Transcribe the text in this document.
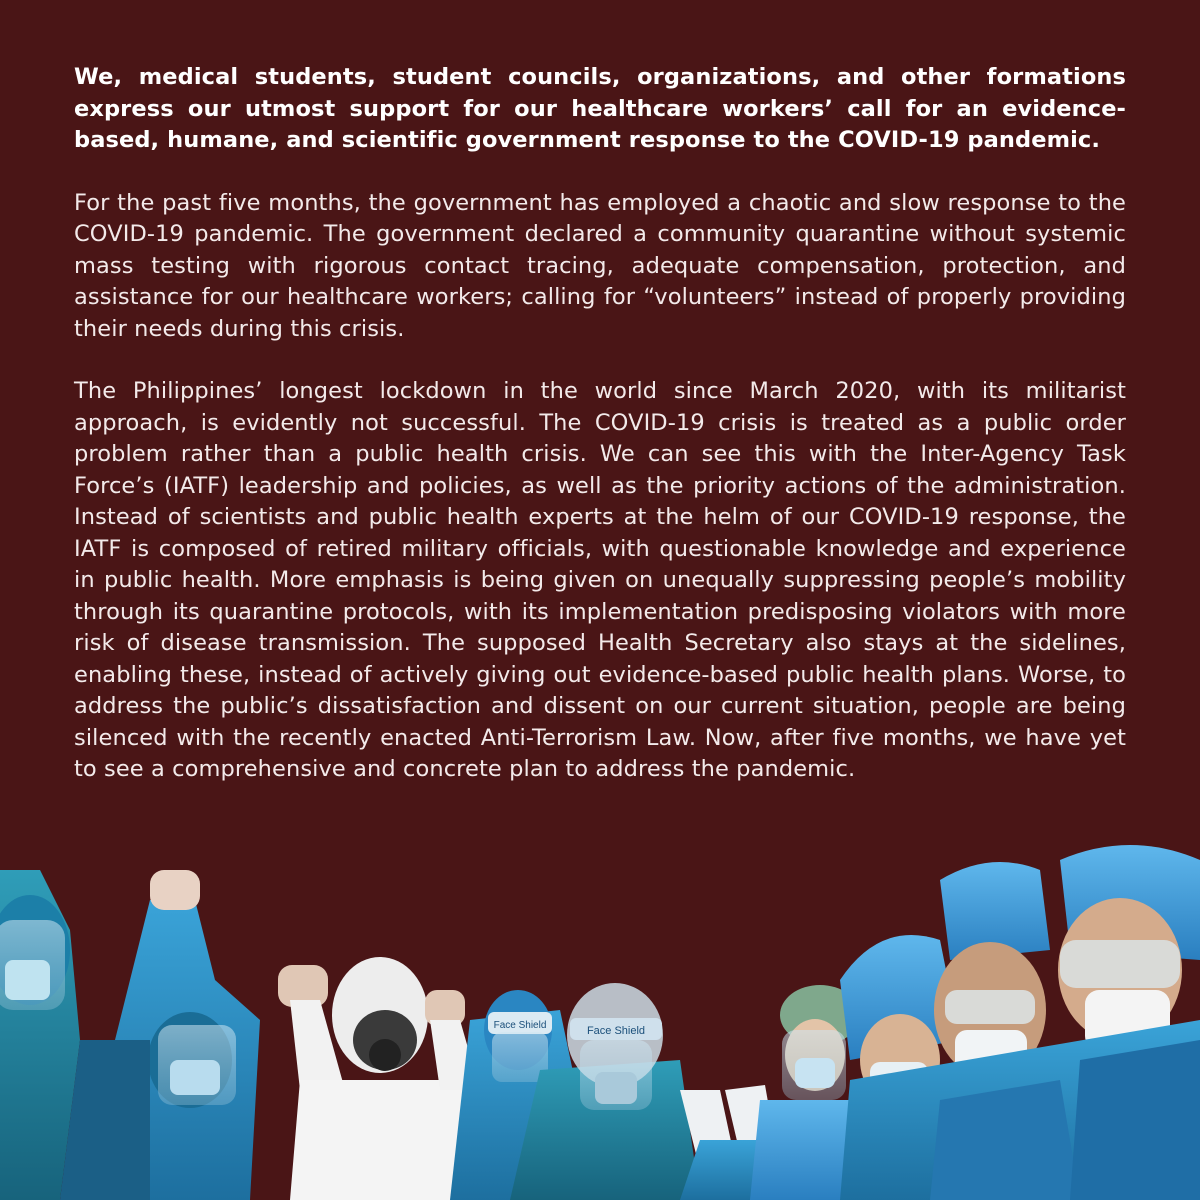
We, medical students, student councils, organizations, and other formations express our utmost support for our healthcare workers’ call for an evidence-based, humane, and scientific government response to the COVID-19 pandemic.

For the past five months, the government has employed a chaotic and slow response to the COVID-19 pandemic. The government declared a community quarantine without systemic mass testing with rigorous contact tracing, adequate compensation, protection, and assistance for our healthcare workers; calling for “volunteers” instead of properly providing their needs during this crisis.

The Philippines’ longest lockdown in the world since March 2020, with its militarist approach, is evidently not successful. The COVID-19 crisis is treated as a public order problem rather than a public health crisis. We can see this with the Inter-Agency Task Force’s (IATF) leadership and policies, as well as the priority actions of the administration. Instead of scientists and public health experts at the helm of our COVID-19 response, the IATF is composed of retired military officials, with questionable knowledge and experience in public health. More emphasis is being given on unequally suppressing people’s mobility through its quarantine protocols, with its implementation predisposing violators with more risk of disease transmission. The supposed Health Secretary also stays at the sidelines, enabling these, instead of actively giving out evidence-based public health plans. Worse, to address the public’s dissatisfaction and dissent on our current situation, people are being silenced with the recently enacted Anti-Terrorism Law. Now, after five months, we have yet to see a comprehensive and concrete plan to address the pandemic.

Face Shield	Face Shield
